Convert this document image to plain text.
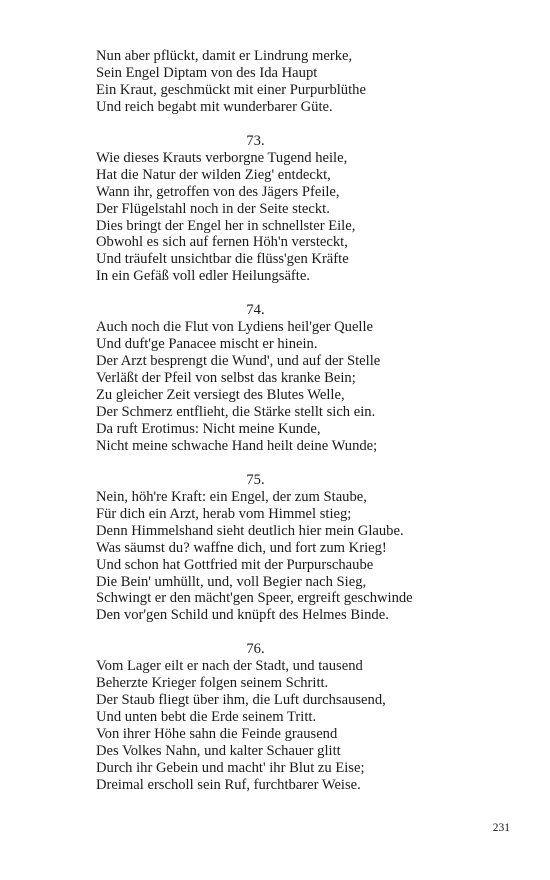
Nun aber pflückt, damit er Lindrung merke,
Sein Engel Diptam von des Ida Haupt
Ein Kraut, geschmückt mit einer Purpurblüthe
Und reich begabt mit wunderbarer Güte.
73.
Wie dieses Krauts verborgne Tugend heile,
Hat die Natur der wilden Zieg' entdeckt,
Wann ihr, getroffen von des Jägers Pfeile,
Der Flügelstahl noch in der Seite steckt.
Dies bringt der Engel her in schnellster Eile,
Obwohl es sich auf fernen Höh'n versteckt,
Und träufelt unsichtbar die flüss'gen Kräfte
In ein Gefäß voll edler Heilungsäfte.
74.
Auch noch die Flut von Lydiens heil'ger Quelle
Und duft'ge Panacee mischt er hinein.
Der Arzt besprengt die Wund', und auf der Stelle
Verläßt der Pfeil von selbst das kranke Bein;
Zu gleicher Zeit versiegt des Blutes Welle,
Der Schmerz entflieht, die Stärke stellt sich ein.
Da ruft Erotimus: Nicht meine Kunde,
Nicht meine schwache Hand heilt deine Wunde;
75.
Nein, höh're Kraft: ein Engel, der zum Staube,
Für dich ein Arzt, herab vom Himmel stieg;
Denn Himmelshand sieht deutlich hier mein Glaube.
Was säumst du? waffne dich, und fort zum Krieg!
Und schon hat Gottfried mit der Purpurschaube
Die Bein' umhüllt, und, voll Begier nach Sieg,
Schwingt er den mächt'gen Speer, ergreift geschwinde
Den vor'gen Schild und knüpft des Helmes Binde.
76.
Vom Lager eilt er nach der Stadt, und tausend
Beherzte Krieger folgen seinem Schritt.
Der Staub fliegt über ihm, die Luft durchsausend,
Und unten bebt die Erde seinem Tritt.
Von ihrer Höhe sahn die Feinde grausend
Des Volkes Nahn, und kalter Schauer glitt
Durch ihr Gebein und macht' ihr Blut zu Eise;
Dreimal erscholl sein Ruf, furchtbarer Weise.
231
